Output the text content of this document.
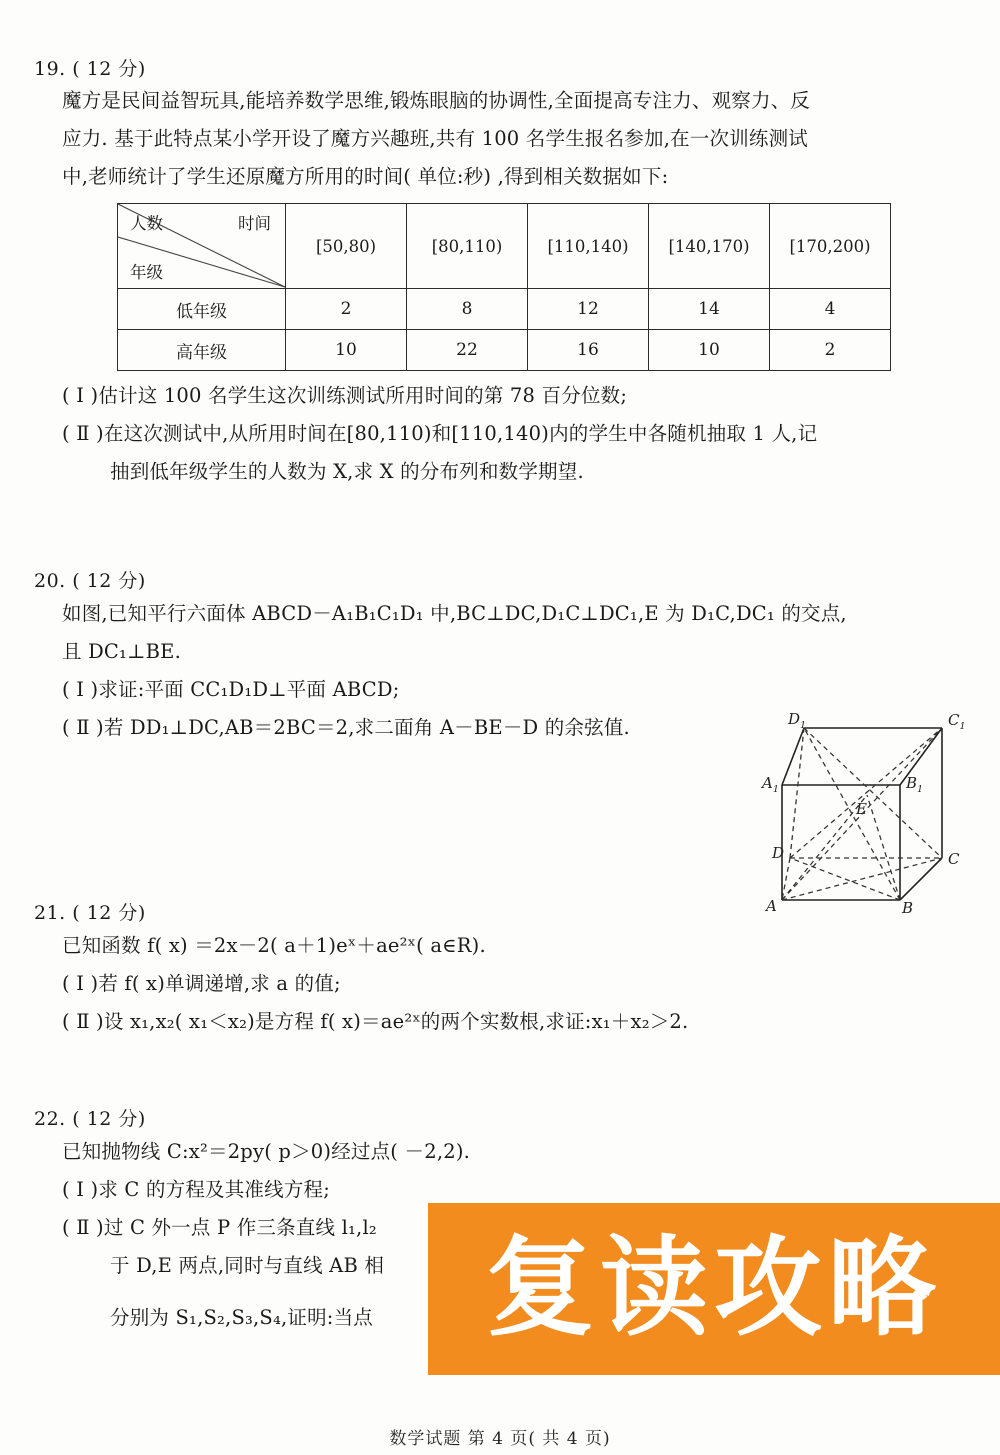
19. ( 12 分)
魔方是民间益智玩具,能培养数学思维,锻炼眼脑的协调性,全面提高专注力、观察力、反
应力. 基于此特点某小学开设了魔方兴趣班,共有 100 名学生报名参加,在一次训练测试
中,老师统计了学生还原魔方所用的时间( 单位:秒) ,得到相关数据如下:
人数 时间
年级	[50,80)	[80,110)	[110,140)	[140,170)	[170,200)
低年级	2	8	12	14	4
高年级	10	22	16	10	2
( Ⅰ )估计这 100 名学生这次训练测试所用时间的第 78 百分位数;
( Ⅱ )在这次测试中,从所用时间在[80,110)和[110,140)内的学生中各随机抽取 1 人,记
抽到低年级学生的人数为 X,求 X 的分布列和数学期望.
20. ( 12 分)
如图,已知平行六面体 ABCD－A₁B₁C₁D₁ 中,BC⊥DC,D₁C⊥DC₁,E 为 D₁C,DC₁ 的交点,
且 DC₁⊥BE.
( Ⅰ )求证:平面 CC₁D₁D⊥平面 ABCD;
( Ⅱ )若 DD₁⊥DC,AB＝2BC＝2,求二面角 A－BE－D 的余弦值.	$D_1$	$C_1$
$A_1$	$B_1$
E
D	C
A	B
21. ( 12 分)
已知函数 f( x) ＝2x－2( a＋1)eˣ＋ae²ˣ( a∈R).
( Ⅰ )若 f( x)单调递增,求 a 的值;
( Ⅱ )设 x₁,x₂( x₁＜x₂)是方程 f( x)＝ae²ˣ的两个实数根,求证:x₁＋x₂＞2.
22. ( 12 分)
已知抛物线 C:x²＝2py( p＞0)经过点( －2,2).
( Ⅰ )求 C 的方程及其准线方程;
( Ⅱ )过 C 外一点 P 作三条直线 l₁,l₂
于 D,E 两点,同时与直线 AB 相
分别为 S₁,S₂,S₃,S₄,证明:当点 复读攻略
数学试题 第 4 页( 共 4 页)
